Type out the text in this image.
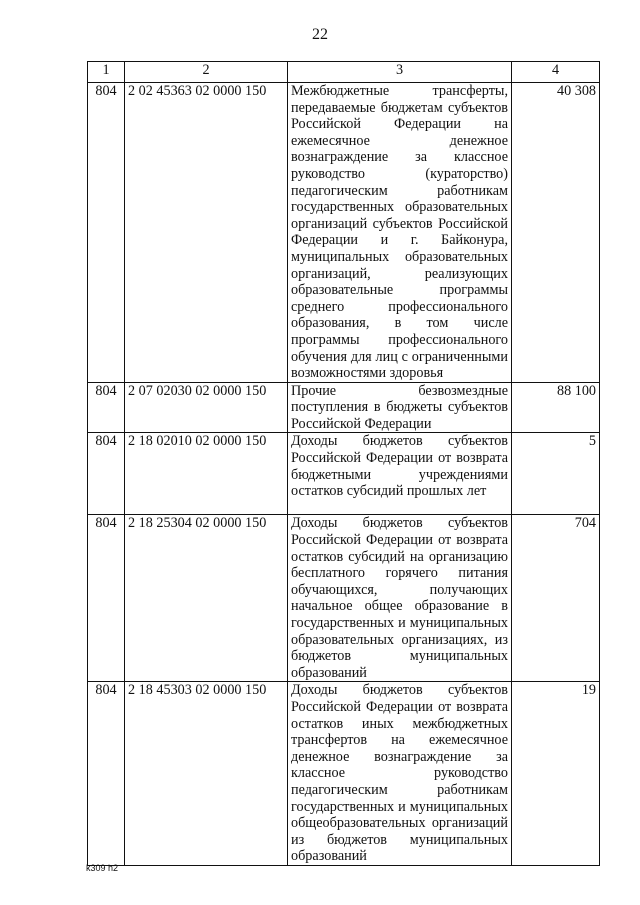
22
1	2	3	4
804	2 02 45363 02 0000 150	Межбюджетные трансферты, передаваемые бюджетам субъектов Российской Федерации на ежемесячное денежное вознаграждение за классное руководство (кураторство) педагогическим работникам государственных образовательных организаций субъектов Российской Федерации и г. Байконура, муниципальных образовательных организаций, реализующих образовательные программы среднего профессионального образования, в том числе программы профессионального обучения для лиц с ограниченными возможностями здоровья	40 308
804	2 07 02030 02 0000 150	Прочие безвозмездные поступления в бюджеты субъектов Российской Федерации	88 100
804	2 18 02010 02 0000 150	Доходы бюджетов субъектов Российской Федерации от возврата бюджетными учреждениями остатков субсидий прошлых лет	5
804	2 18 25304 02 0000 150	Доходы бюджетов субъектов Российской Федерации от возврата остатков субсидий на организацию бесплатного горячего питания обучающихся, получающих начальное общее образование в государственных и муниципальных образовательных организациях, из бюджетов муниципальных образований	704
804	2 18 45303 02 0000 150	Доходы бюджетов субъектов Российской Федерации от возврата остатков иных межбюджетных трансфертов на ежемесячное денежное вознаграждение за классное руководство педагогическим работникам государственных и муниципальных общеобразовательных организаций из бюджетов муниципальных образований	19
k309 h2
